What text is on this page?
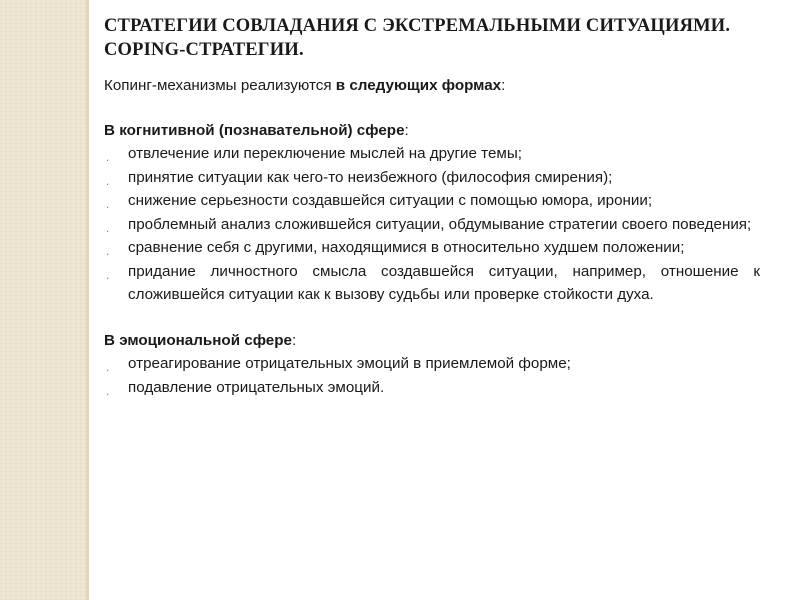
СТРАТЕГИИ СОВЛАДАНИЯ С ЭКСТРЕМАЛЬНЫМИ СИТУАЦИЯМИ.
COPING-СТРАТЕГИИ.
Копинг-механизмы реализуются в следующих формах:
В когнитивной (познавательной) сфере:
ˏ отвлечение или переключение мыслей на другие темы;
ˏ принятие ситуации как чего-то неизбежного (философия смирения);
ˏ снижение серьезности создавшейся ситуации с помощью юмора, иронии;
ˏ проблемный анализ сложившейся ситуации, обдумывание стратегии своего поведения;
ˏ сравнение себя с другими, находящимися в относительно худшем положении;
ˏ придание личностного смысла создавшейся ситуации, например, отношение к сложившейся ситуации как к вызову судьбы или проверке стойкости духа.
В эмоциональной сфере:
ˏ отреагирование отрицательных эмоций в приемлемой форме;
ˏ подавление отрицательных эмоций.
